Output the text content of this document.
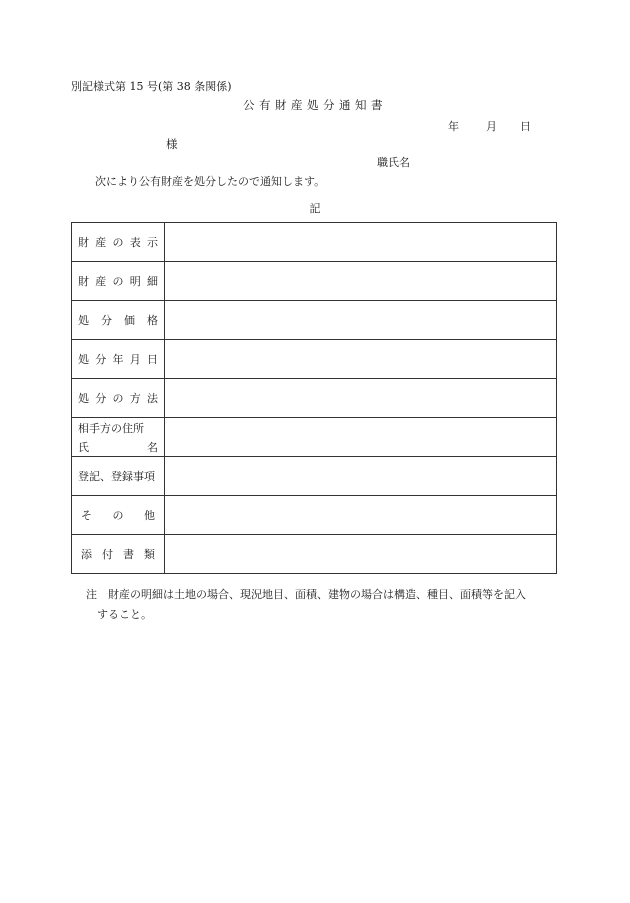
別記様式第 15 号(第 38 条関係)
公有財産処分通知書
年 月 日
様
職氏名
次により公有財産を処分したので通知します。
記
財 産 の 表 示	

財 産 の 明 細	

処 分 価 格	

処 分 年 月 日	

処 分 の 方 法	

相手方の住所
氏 名	

登記、登録事項	

そ の 他	

添 付 書 類	

注 財産の明細は土地の場合、現況地目、面積、建物の場合は構造、種目、面積等を記入
すること。
